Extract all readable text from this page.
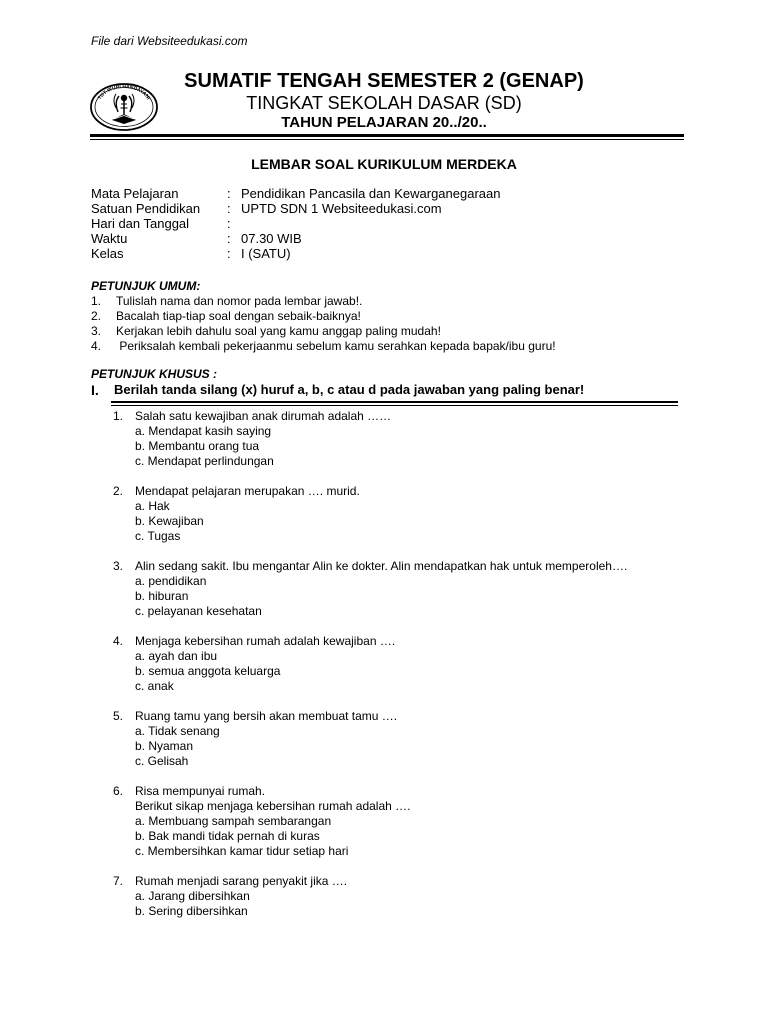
File dari Websiteedukasi.com
TUT WURI HANDAYANI
SUMATIF TENGAH SEMESTER 2 (GENAP)
TINGKAT SEKOLAH DASAR (SD)
TAHUN PELAJARAN 20../20..
LEMBAR SOAL KURIKULUM MERDEKA
Mata Pelajaran	: Pendidikan Pancasila dan Kewarganegaraan
Satuan Pendidikan	: UPTD SDN 1 Websiteedukasi.com
Hari dan Tanggal	:
Waktu	: 07.30 WIB
Kelas	: I (SATU)
PETUNJUK UMUM:
1.	Tulislah nama dan nomor pada lembar jawab!.
2.	Bacalah tiap-tiap soal dengan sebaik-baiknya!
3.	Kerjakan lebih dahulu soal yang kamu anggap paling mudah!
4.	Periksalah kembali pekerjaanmu sebelum kamu serahkan kepada bapak/ibu guru!
PETUNJUK KHUSUS :
I.	Berilah tanda silang (x) huruf a, b, c atau d pada jawaban yang paling benar!
1. Salah satu kewajiban anak dirumah adalah ……
a. Mendapat kasih saying
b. Membantu orang tua
c. Mendapat perlindungan
2. Mendapat pelajaran merupakan …. murid.
a. Hak
b. Kewajiban
c. Tugas
3. Alin sedang sakit. Ibu mengantar Alin ke dokter. Alin mendapatkan hak untuk memperoleh….
a. pendidikan
b. hiburan
c. pelayanan kesehatan
4. Menjaga kebersihan rumah adalah kewajiban ….
a. ayah dan ibu
b. semua anggota keluarga
c. anak
5. Ruang tamu yang bersih akan membuat tamu ….
a. Tidak senang
b. Nyaman
c. Gelisah
6. Risa mempunyai rumah.
Berikut sikap menjaga kebersihan rumah adalah ….
a. Membuang sampah sembarangan
b. Bak mandi tidak pernah di kuras
c. Membersihkan kamar tidur setiap hari
7. Rumah menjadi sarang penyakit jika ….
a. Jarang dibersihkan
b. Sering dibersihkan
